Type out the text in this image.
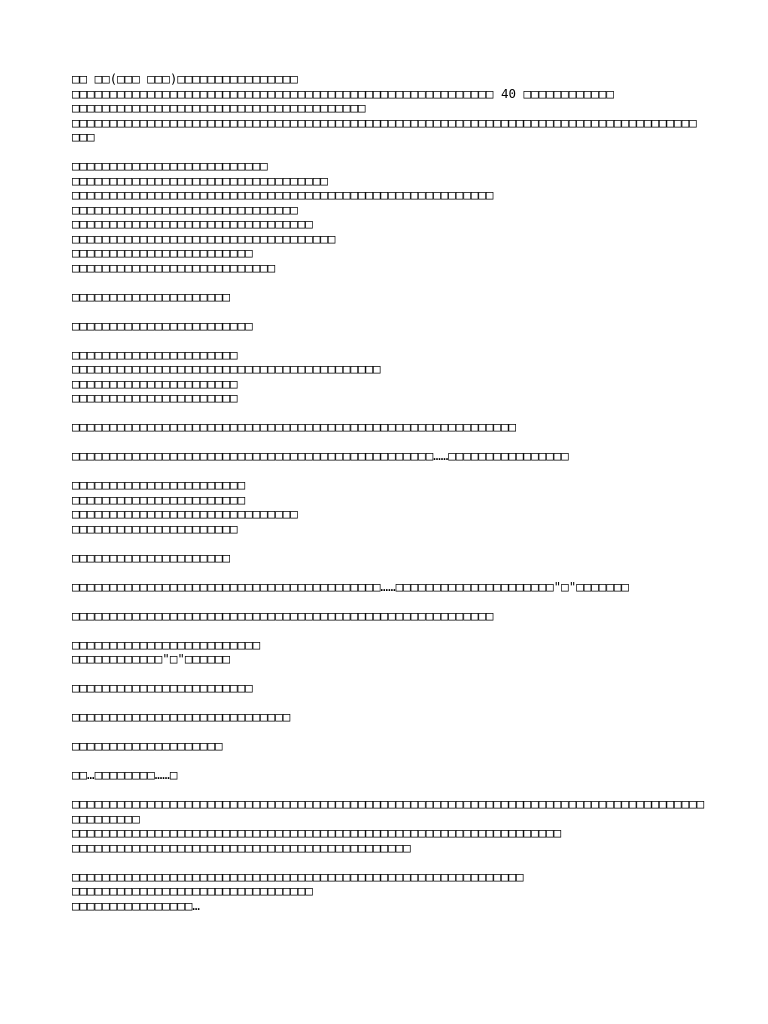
□□ □□(□□□ □□□)□□□□□□□□□□□□□□□□
□□□□□□□□□□□□□□□□□□□□□□□□□□□□□□□□□□□□□□□□□□□□□□□□□□□□□□□□ 40 □□□□□□□□□□□□
□□□□□□□□□□□□□□□□□□□□□□□□□□□□□□□□□□□□□□□
□□□□□□□□□□□□□□□□□□□□□□□□□□□□□□□□□□□□□□□□□□□□□□□□□□□□□□□□□□□□□□□□□□□□□□□□□□□□□□□□□□□
□□□
□□□□□□□□□□□□□□□□□□□□□□□□□□
□□□□□□□□□□□□□□□□□□□□□□□□□□□□□□□□□□
□□□□□□□□□□□□□□□□□□□□□□□□□□□□□□□□□□□□□□□□□□□□□□□□□□□□□□□□
□□□□□□□□□□□□□□□□□□□□□□□□□□□□□□
□□□□□□□□□□□□□□□□□□□□□□□□□□□□□□□□
□□□□□□□□□□□□□□□□□□□□□□□□□□□□□□□□□□□
□□□□□□□□□□□□□□□□□□□□□□□□
□□□□□□□□□□□□□□□□□□□□□□□□□□□
□□□□□□□□□□□□□□□□□□□□□
□□□□□□□□□□□□□□□□□□□□□□□□
□□□□□□□□□□□□□□□□□□□□□□
□□□□□□□□□□□□□□□□□□□□□□□□□□□□□□□□□□□□□□□□□
□□□□□□□□□□□□□□□□□□□□□□
□□□□□□□□□□□□□□□□□□□□□□
□□□□□□□□□□□□□□□□□□□□□□□□□□□□□□□□□□□□□□□□□□□□□□□□□□□□□□□□□□□
□□□□□□□□□□□□□□□□□□□□□□□□□□□□□□□□□□□□□□□□□□□□□□□□……□□□□□□□□□□□□□□□□
□□□□□□□□□□□□□□□□□□□□□□□
□□□□□□□□□□□□□□□□□□□□□□□
□□□□□□□□□□□□□□□□□□□□□□□□□□□□□□
□□□□□□□□□□□□□□□□□□□□□□
□□□□□□□□□□□□□□□□□□□□□
□□□□□□□□□□□□□□□□□□□□□□□□□□□□□□□□□□□□□□□□□……□□□□□□□□□□□□□□□□□□□□□"□"□□□□□□□
□□□□□□□□□□□□□□□□□□□□□□□□□□□□□□□□□□□□□□□□□□□□□□□□□□□□□□□□
□□□□□□□□□□□□□□□□□□□□□□□□□
□□□□□□□□□□□□"□"□□□□□□
□□□□□□□□□□□□□□□□□□□□□□□□
□□□□□□□□□□□□□□□□□□□□□□□□□□□□□
□□□□□□□□□□□□□□□□□□□□
□□…□□□□□□□□……□
□□□□□□□□□□□□□□□□□□□□□□□□□□□□□□□□□□□□□□□□□□□□□□□□□□□□□□□□□□□□□□□□□□□□□□□□□□□□□□□□□□□□
□□□□□□□□□
□□□□□□□□□□□□□□□□□□□□□□□□□□□□□□□□□□□□□□□□□□□□□□□□□□□□□□□□□□□□□□□□□
□□□□□□□□□□□□□□□□□□□□□□□□□□□□□□□□□□□□□□□□□□□□□
□□□□□□□□□□□□□□□□□□□□□□□□□□□□□□□□□□□□□□□□□□□□□□□□□□□□□□□□□□□□
□□□□□□□□□□□□□□□□□□□□□□□□□□□□□□□□
□□□□□□□□□□□□□□□□…
